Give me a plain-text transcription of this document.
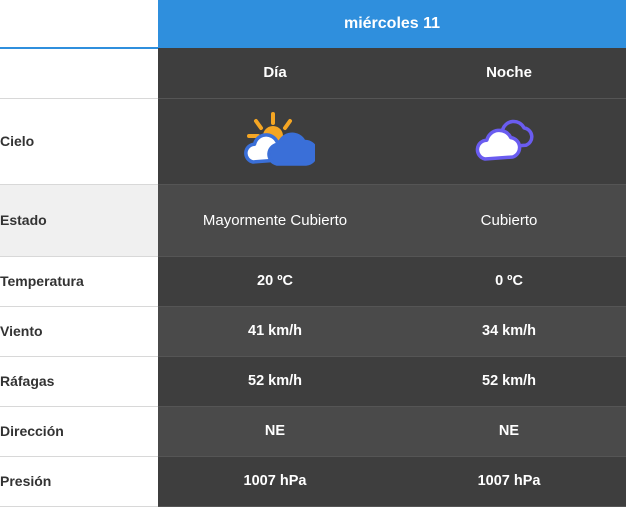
	miércoles 11	
	Día	Noche
Cielo	

Estado	Mayormente Cubierto	Cubierto
Temperatura	20 ºC	0 ºC
Viento	41 km/h	34 km/h
Ráfagas	52 km/h	52 km/h
Dirección	NE	NE
Presión	1007 hPa	1007 hPa
